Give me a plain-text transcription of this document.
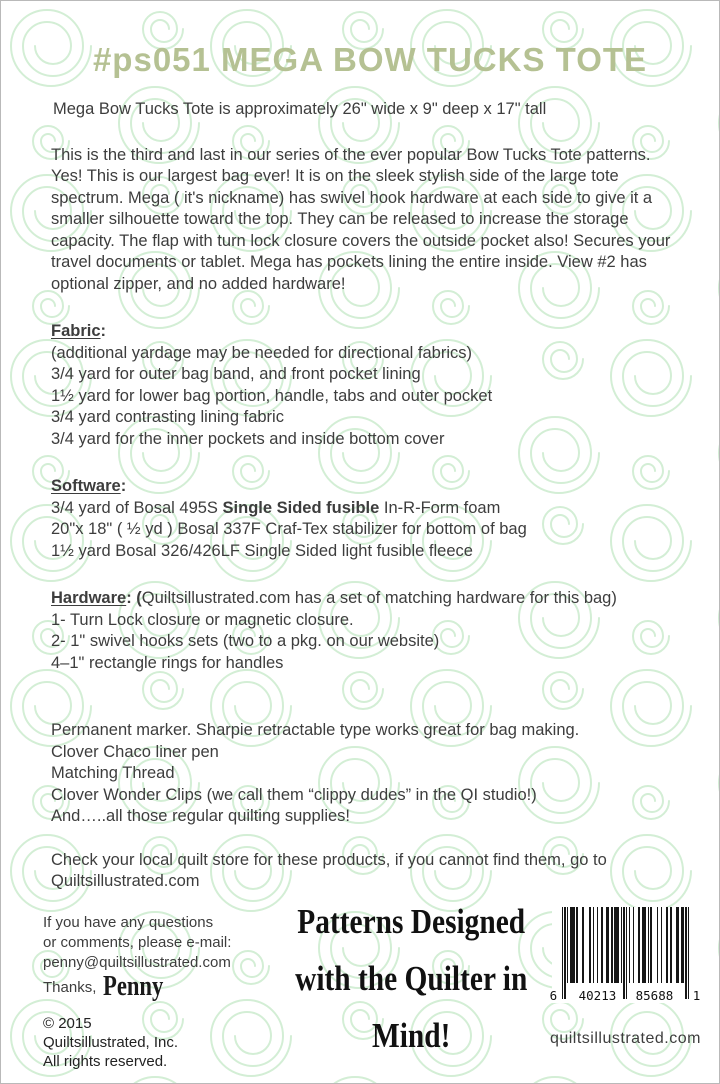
#ps051 MEGA BOW TUCKS TOTE

Mega Bow Tucks Tote is approximately 26" wide x 9" deep x 17" tall

This is the third and last in our series of the ever popular Bow Tucks Tote patterns. Yes! This is our largest bag ever! It is on the sleek stylish side of the large tote spectrum. Mega ( it's nickname) has swivel hook hardware at each side to give it a smaller silhouette toward the top. They can be released to increase the storage capacity. The flap with turn lock closure covers the outside pocket also! Secures your travel documents or tablet. Mega has pockets lining the entire inside. View #2 has optional zipper, and no added hardware!

Fabric:
(additional yardage may be needed for directional fabrics)
3/4 yard for outer bag band, and front pocket lining
1½ yard for lower bag portion, handle, tabs and outer pocket
3/4 yard contrasting lining fabric
3/4 yard for the inner pockets and inside bottom cover
Software:
3/4 yard of Bosal 495S Single Sided fusible In-R-Form foam
20"x 18" ( ½ yd ) Bosal 337F Craf-Tex stabilizer for bottom of bag
1½ yard Bosal 326/426LF Single Sided light fusible fleece
Hardware: (Quiltsillustrated.com has a set of matching hardware for this bag)
1- Turn Lock closure or magnetic closure.
2- 1" swivel hooks sets (two to a pkg. on our website)
4–1" rectangle rings for handles
Permanent marker. Sharpie retractable type works great for bag making.
Clover Chaco liner pen
Matching Thread
Clover Wonder Clips (we call them “clippy dudes” in the QI studio!)
And…..all those regular quilting supplies!

Check your local quilt store for these products, if you cannot find them, go to Quiltsillustrated.com

If you have any questions
or comments, please e-mail:
penny@quiltsillustrated.com
Thanks, Penny
© 2015
Quiltsillustrated, Inc.
All rights reserved.
Patterns Designed
with the Quilter in
Mind!
6 40213 85688 1
quiltsillustrated.com
